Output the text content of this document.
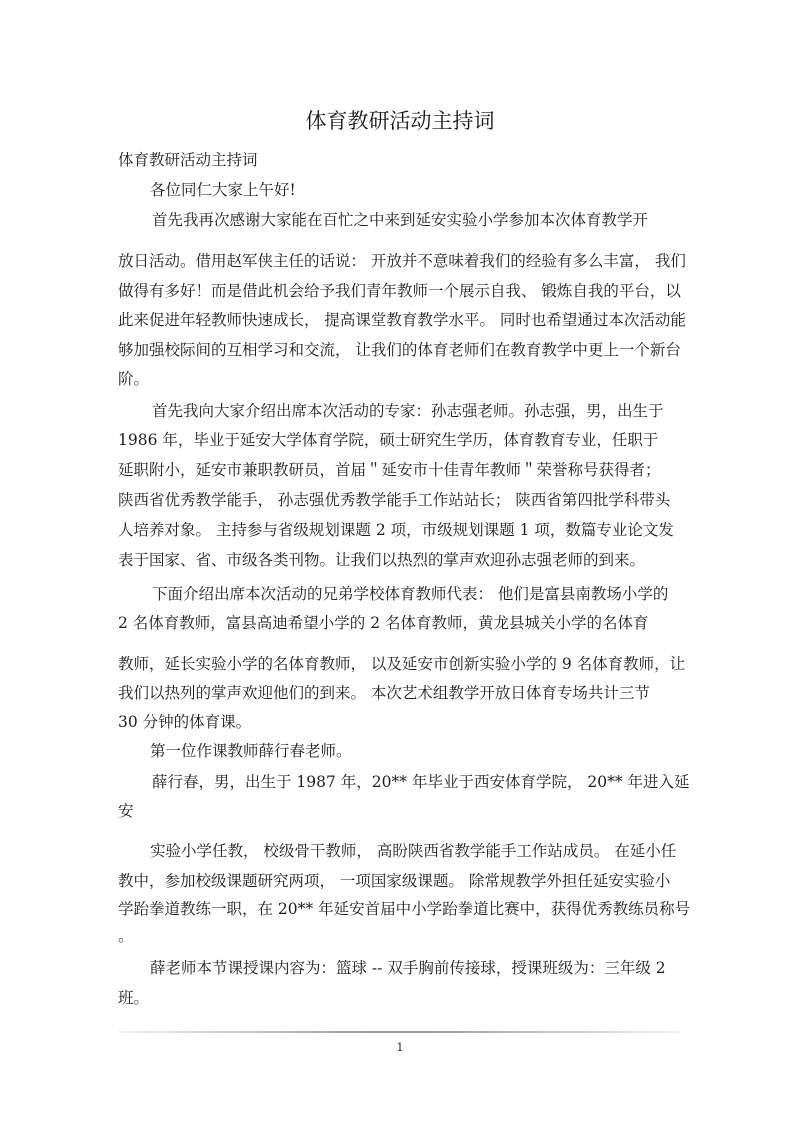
体育教研活动主持词
体育教研活动主持词
各位同仁大家上午好!
首先我再次感谢大家能在百忙之中来到延安实验小学参加本次体育教学开
放日活动。借用赵军侠主任的话说： 开放并不意味着我们的经验有多么丰富， 我们
做得有多好！而是借此机会给予我们青年教师一个展示自我、 锻炼自我的平台，以
此来促进年轻教师快速成长， 提高课堂教育教学水平。 同时也希望通过本次活动能
够加强校际间的互相学习和交流， 让我们的体育老师们在教育教学中更上一个新台
阶。
首先我向大家介绍出席本次活动的专家：孙志强老师。孙志强，男，出生于
1986 年，毕业于延安大学体育学院，硕士研究生学历，体育教育专业，任职于
延职附小，延安市兼职教研员，首届＂延安市十佳青年教师＂荣誉称号获得者；
陕西省优秀教学能手， 孙志强优秀教学能手工作站站长； 陕西省第四批学科带头
人培养对象。 主持参与省级规划课题 2 项，市级规划课题 1 项，数篇专业论文发
表于国家、省、市级各类刊物。让我们以热烈的掌声欢迎孙志强老师的到来。
下面介绍出席本次活动的兄弟学校体育教师代表： 他们是富县南教场小学的
2 名体育教师，富县高迪希望小学的 2 名体育教师，黄龙县城关小学的名体育
教师，延长实验小学的名体育教师， 以及延安市创新实验小学的 9 名体育教师，让
我们以热列的掌声欢迎他们的到来。 本次艺术组教学开放日体育专场共计三节
30 分钟的体育课。
第一位作课教师薛行春老师。
薛行春，男，出生于 1987 年，20** 年毕业于西安体育学院， 20** 年进入延
安
实验小学任教， 校级骨干教师， 高盼陕西省教学能手工作站成员。 在延小任
教中，参加校级课题研究两项， 一项国家级课题。 除常规教学外担任延安实验小
学跆拳道教练一职，在 20** 年延安首届中小学跆拳道比赛中，获得优秀教练员称号
。
薛老师本节课授课内容为：篮球 -- 双手胸前传接球，授课班级为：三年级 2
班。
1
